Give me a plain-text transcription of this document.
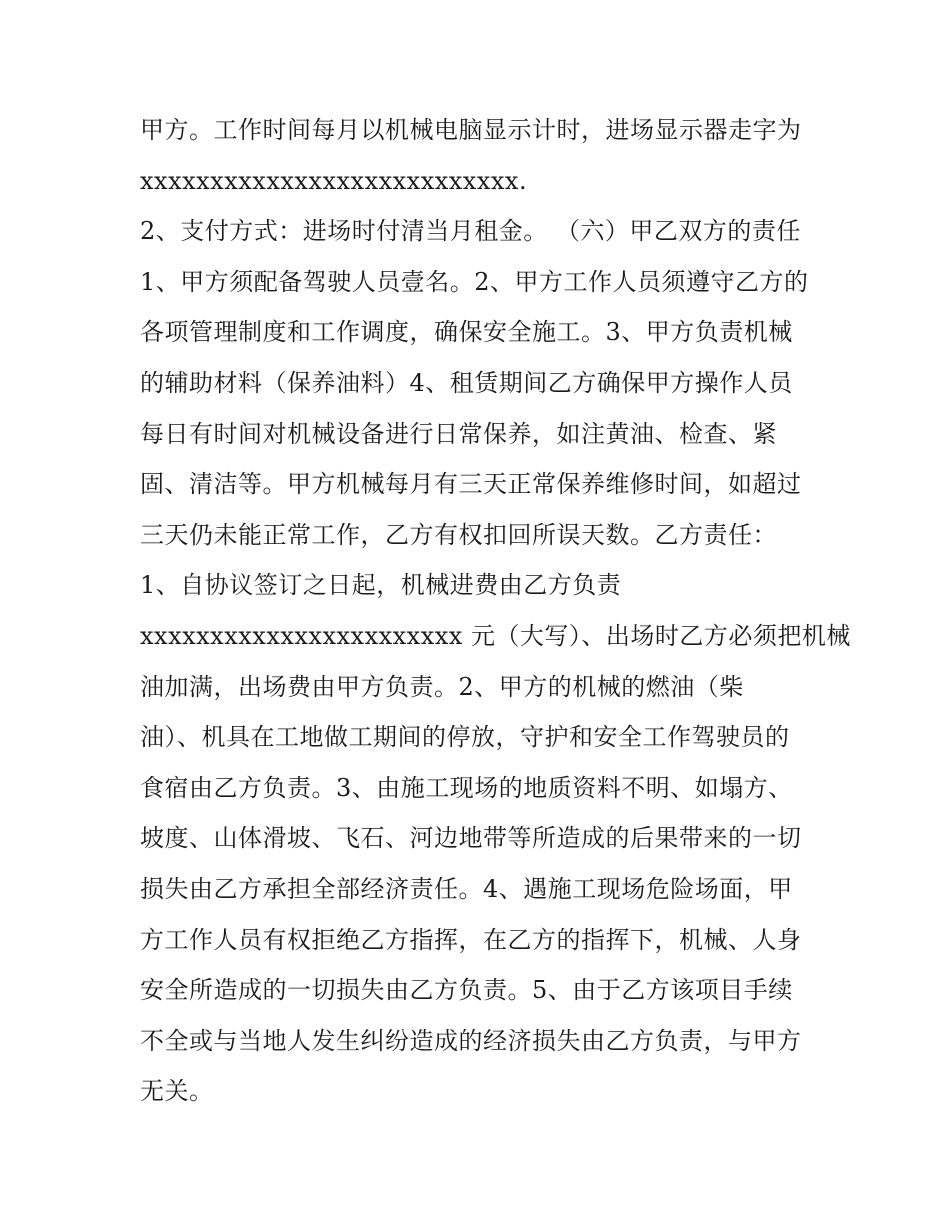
甲方。工作时间每月以机械电脑显示计时，进场显示器走字为
xxxxxxxxxxxxxxxxxxxxxxxxxxx.
2、支付方式：进场时付清当月租金。 （六）甲乙双方的责任
1、甲方须配备驾驶人员壹名。2、甲方工作人员须遵守乙方的
各项管理制度和工作调度，确保安全施工。3、甲方负责机械
的辅助材料（保养油料）4、租赁期间乙方确保甲方操作人员
每日有时间对机械设备进行日常保养，如注黄油、检查、紧
固、清洁等。甲方机械每月有三天正常保养维修时间，如超过
三天仍未能正常工作，乙方有权扣回所误天数。乙方责任：
1、自协议签订之日起，机械进费由乙方负责
xxxxxxxxxxxxxxxxxxxxxxx 元（大写）、出场时乙方必须把机械
油加满，出场费由甲方负责。2、甲方的机械的燃油（柴
油）、机具在工地做工期间的停放，守护和安全工作驾驶员的
食宿由乙方负责。3、由施工现场的地质资料不明、如塌方、
坡度、山体滑坡、飞石、河边地带等所造成的后果带来的一切
损失由乙方承担全部经济责任。4、遇施工现场危险场面，甲
方工作人员有权拒绝乙方指挥，在乙方的指挥下，机械、人身
安全所造成的一切损失由乙方负责。5、由于乙方该项目手续
不全或与当地人发生纠纷造成的经济损失由乙方负责，与甲方
无关。
